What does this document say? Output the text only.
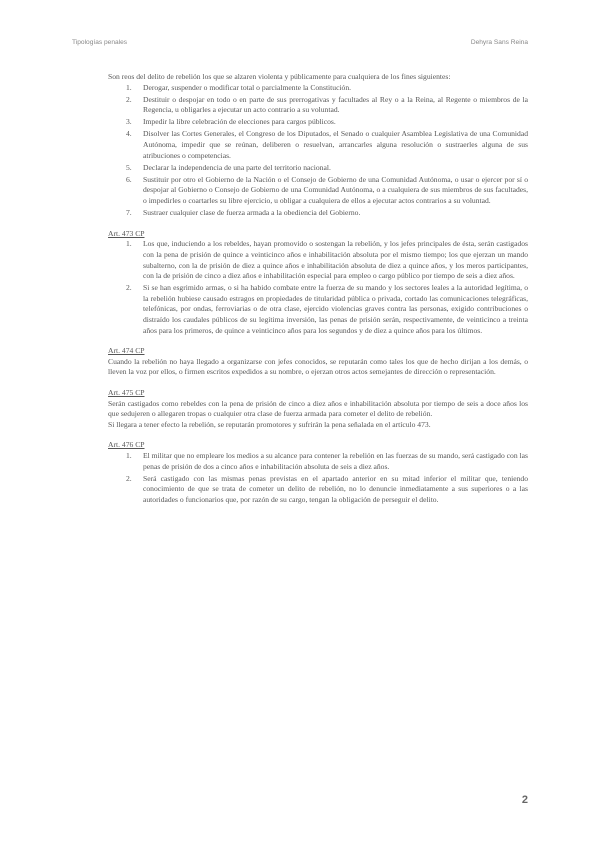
Tipologías penales	Dehyra Sans Reina

Son reos del delito de rebelión los que se alzaren violenta y públicamente para cualquiera de los fines siguientes:

1. Derogar, suspender o modificar total o parcialmente la Constitución.
2. Destituir o despojar en todo o en parte de sus prerrogativas y facultades al Rey o a la Reina, al Regente o miembros de la Regencia, u obligarles a ejecutar un acto contrario a su voluntad.
3. Impedir la libre celebración de elecciones para cargos públicos.
4. Disolver las Cortes Generales, el Congreso de los Diputados, el Senado o cualquier Asamblea Legislativa de una Comunidad Autónoma, impedir que se reúnan, deliberen o resuelvan, arrancarles alguna resolución o sustraerles alguna de sus atribuciones o competencias.
5. Declarar la independencia de una parte del territorio nacional.
6. Sustituir por otro el Gobierno de la Nación o el Consejo de Gobierno de una Comunidad Autónoma, o usar o ejercer por sí o despojar al Gobierno o Consejo de Gobierno de una Comunidad Autónoma, o a cualquiera de sus miembros de sus facultades, o impedirles o coartarles su libre ejercicio, u obligar a cualquiera de ellos a ejecutar actos contrarios a su voluntad.
7. Sustraer cualquier clase de fuerza armada a la obediencia del Gobierno.

Art. 473 CP

1. Los que, induciendo a los rebeldes, hayan promovido o sostengan la rebelión, y los jefes principales de ésta, serán castigados con la pena de prisión de quince a veinticinco años e inhabilitación absoluta por el mismo tiempo; los que ejerzan un mando subalterno, con la de prisión de diez a quince años e inhabilitación absoluta de diez a quince años, y los meros participantes, con la de prisión de cinco a diez años e inhabilitación especial para empleo o cargo público por tiempo de seis a diez años.
2. Si se han esgrimido armas, o si ha habido combate entre la fuerza de su mando y los sectores leales a la autoridad legítima, o la rebelión hubiese causado estragos en propiedades de titularidad pública o privada, cortado las comunicaciones telegráficas, telefónicas, por ondas, ferroviarias o de otra clase, ejercido violencias graves contra las personas, exigido contribuciones o distraído los caudales públicos de su legítima inversión, las penas de prisión serán, respectivamente, de veinticinco a treinta años para los primeros, de quince a veinticinco años para los segundos y de diez a quince años para los últimos.

Art. 474 CP

Cuando la rebelión no haya llegado a organizarse con jefes conocidos, se reputarán como tales los que de hecho dirijan a los demás, o lleven la voz por ellos, o firmen escritos expedidos a su nombre, o ejerzan otros actos semejantes de dirección o representación.

Art. 475 CP

Serán castigados como rebeldes con la pena de prisión de cinco a diez años e inhabilitación absoluta por tiempo de seis a doce años los que sedujeren o allegaren tropas o cualquier otra clase de fuerza armada para cometer el delito de rebelión.

Si llegara a tener efecto la rebelión, se reputarán promotores y sufrirán la pena señalada en el artículo 473.

Art. 476 CP

1. El militar que no empleare los medios a su alcance para contener la rebelión en las fuerzas de su mando, será castigado con las penas de prisión de dos a cinco años e inhabilitación absoluta de seis a diez años.
2. Será castigado con las mismas penas previstas en el apartado anterior en su mitad inferior el militar que, teniendo conocimiento de que se trata de cometer un delito de rebelión, no lo denuncie inmediatamente a sus superiores o a las autoridades o funcionarios que, por razón de su cargo, tengan la obligación de perseguir el delito.
2
